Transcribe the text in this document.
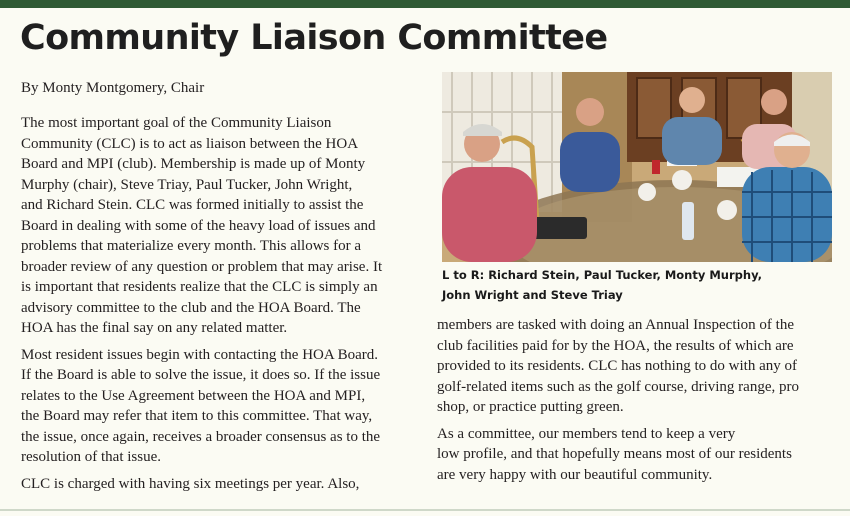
Community Liaison Committee
By Monty Montgomery, Chair
The most important goal of the Community Liaison
Community (CLC) is to act as liaison between the HOA
Board and MPI (club). Membership is made up of Monty
Murphy (chair), Steve Triay, Paul Tucker, John Wright,
and Richard Stein. CLC was formed initially to assist the
Board in dealing with some of the heavy load of issues and
problems that materialize every month. This allows for a
broader review of any question or problem that may arise. It
is important that residents realize that the CLC is simply an
advisory committee to the club and the HOA Board. The
HOA has the final say on any related matter.
Most resident issues begin with contacting the HOA Board.
If the Board is able to solve the issue, it does so. If the issue
relates to the Use Agreement between the HOA and MPI,
the Board may refer that item to this committee. That way,
the issue, once again, receives a broader consensus as to the
resolution of that issue.
CLC is charged with having six meetings per year. Also,
L to R: Richard Stein, Paul Tucker, Monty Murphy,
John Wright and Steve Triay
members are tasked with doing an Annual Inspection of the
club facilities paid for by the HOA, the results of which are
provided to its residents. CLC has nothing to do with any of
golf-related items such as the golf course, driving range, pro
shop, or practice putting green.
As a committee, our members tend to keep a very
low profile, and that hopefully means most of our residents
are very happy with our beautiful community.
